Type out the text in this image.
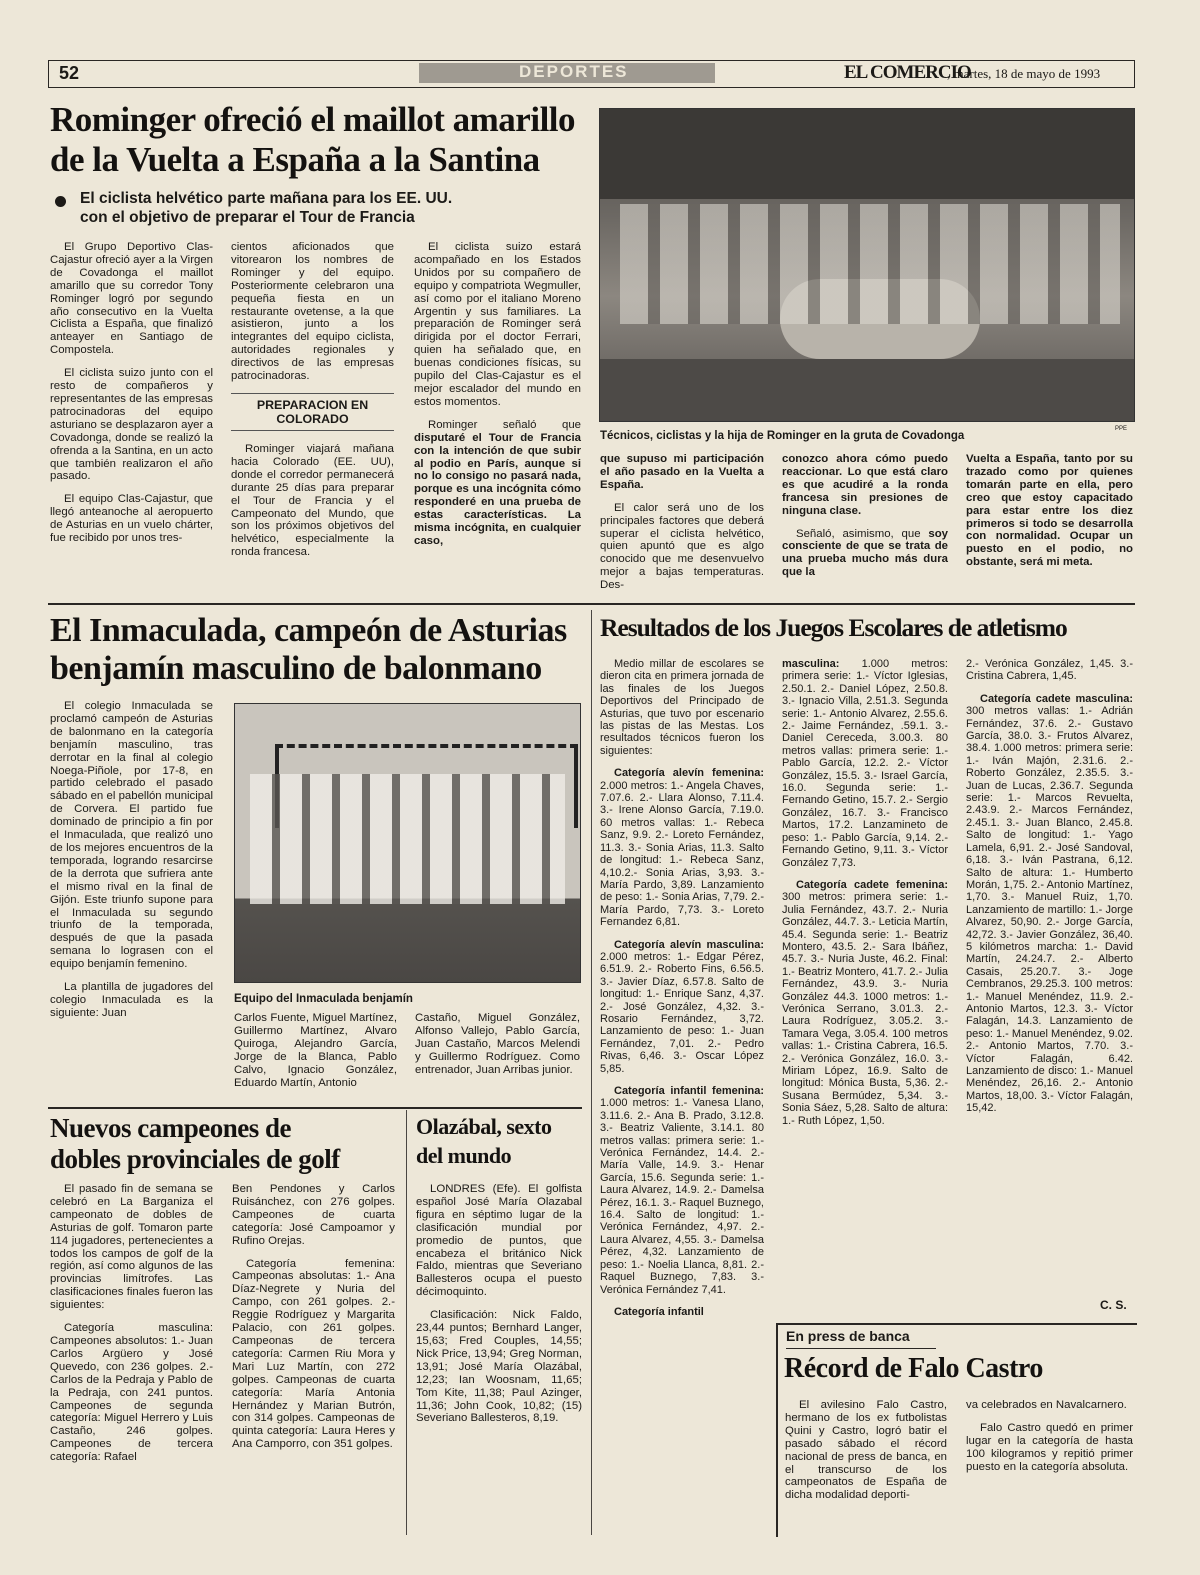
52	DEPORTES	EL COMERCIO
, martes, 18 de mayo de 1993
Rominger ofreció el maillot amarillo
de la Vuelta a España a la Santina
El ciclista helvético parte mañana para los EE. UU.
con el objetivo de preparar el Tour de Francia

El Grupo Deportivo Clas-Cajastur ofreció ayer a la Virgen de Covadonga el maillot amarillo que su corredor Tony Rominger logró por segundo año consecutivo en la Vuelta Ciclista a España, que finalizó anteayer en Santiago de Compostela.

El ciclista suizo junto con el resto de compañeros y representantes de las empresas patrocinadoras del equipo asturiano se desplazaron ayer a Covadonga, donde se realizó la ofrenda a la Santina, en un acto que también realizaron el año pasado.

El equipo Clas-Cajastur, que llegó anteanoche al aeropuerto de Asturias en un vuelo chárter, fue recibido por unos tres-

cientos aficionados que vitorearon los nombres de Rominger y del equipo. Posteriormente celebraron una pequeña fiesta en un restaurante ovetense, a la que asistieron, junto a los integrantes del equipo ciclista, autoridades regionales y directivos de las empresas patrocinadoras.

PREPARACION EN COLORADO

Rominger viajará mañana hacia Colorado (EE. UU), donde el corredor permanecerá durante 25 días para preparar el Tour de Francia y el Campeonato del Mundo, que son los próximos objetivos del helvético, especialmente la ronda francesa.

El ciclista suizo estará acompañado en los Estados Unidos por su compañero de equipo y compatriota Wegmuller, así como por el italiano Moreno Argentin y sus familiares. La preparación de Rominger será dirigida por el doctor Ferrari, quien ha señalado que, en buenas condiciones físicas, su pupilo del Clas-Cajastur es el mejor escalador del mundo en estos momentos.

Rominger señaló que disputaré el Tour de Francia con la intención de que subir al podio en París, aunque si no lo consigo no pasará nada, porque es una incógnita cómo responderé en una prueba de estas características. La misma incógnita, en cualquier caso,

Técnicos, ciclistas y la hija de Rominger en la gruta de Covadonga
PPE

que supuso mi participación el año pasado en la Vuelta a España.

El calor será uno de los principales factores que deberá superar el ciclista helvético, quien apuntó que es algo conocido que me desenvuelvo mejor a bajas temperaturas. Des-

conozco ahora cómo puedo reaccionar. Lo que está claro es que acudiré a la ronda francesa sin presiones de ninguna clase.

Señaló, asimismo, que soy consciente de que se trata de una prueba mucho más dura que la

Vuelta a España, tanto por su trazado como por quienes tomarán parte en ella, pero creo que estoy capacitado para estar entre los diez primeros si todo se desarrolla con normalidad. Ocupar un puesto en el podio, no obstante, será mi meta.

El Inmaculada, campeón de Asturias
benjamín masculino de balonmano

El colegio Inmaculada se proclamó campeón de Asturias de balonmano en la categoría benjamín masculino, tras derrotar en la final al colegio Noega-Piñole, por 17-8, en partido celebrado el pasado sábado en el pabellón municipal de Corvera. El partido fue dominado de principio a fin por el Inmaculada, que realizó uno de los mejores encuentros de la temporada, logrando resarcirse de la derrota que sufriera ante el mismo rival en la final de Gijón. Este triunfo supone para el Inmaculada su segundo triunfo de la temporada, después de que la pasada semana lo lograsen con el equipo benjamín femenino.

La plantilla de jugadores del colegio Inmaculada es la siguiente: Juan

Equipo del Inmaculada benjamín

Carlos Fuente, Miguel Martínez, Guillermo Martínez, Alvaro Quiroga, Alejandro García, Jorge de la Blanca, Pablo Calvo, Ignacio González, Eduardo Martín, Antonio

Castaño, Miguel González, Alfonso Vallejo, Pablo García, Juan Castaño, Marcos Melendi y Guillermo Rodríguez. Como entrenador, Juan Arribas junior.

Nuevos campeones de
dobles provinciales de golf

El pasado fin de semana se celebró en La Barganiza el campeonato de dobles de Asturias de golf. Tomaron parte 114 jugadores, pertenecientes a todos los campos de golf de la región, así como algunos de las provincias limítrofes. Las clasificaciones finales fueron las siguientes:

Categoría masculina: Campeones absolutos: 1.- Juan Carlos Argüero y José Quevedo, con 236 golpes. 2.- Carlos de la Pedraja y Pablo de la Pedraja, con 241 puntos. Campeones de segunda categoría: Miguel Herrero y Luis Castaño, 246 golpes. Campeones de tercera categoría: Rafael

Ben Pendones y Carlos Ruisánchez, con 276 golpes. Campeones de cuarta categoría: José Campoamor y Rufino Orejas.

Categoría femenina: Campeonas absolutas: 1.- Ana Díaz-Negrete y Nuria del Campo, con 261 golpes. 2.- Reggie Rodríguez y Margarita Palacio, con 261 golpes. Campeonas de tercera categoría: Carmen Riu Mora y Mari Luz Martín, con 272 golpes. Campeonas de cuarta categoría: María Antonia Hernández y Marian Butrón, con 314 golpes. Campeonas de quinta categoría: Laura Heres y Ana Camporro, con 351 golpes.

Olazábal, sexto
del mundo

LONDRES (Efe). El golfista español José María Olazabal figura en séptimo lugar de la clasificación mundial por promedio de puntos, que encabeza el británico Nick Faldo, mientras que Severiano Ballesteros ocupa el puesto décimoquinto.

Clasificación: Nick Faldo, 23,44 puntos; Bernhard Langer, 15,63; Fred Couples, 14,55; Nick Price, 13,94; Greg Norman, 13,91; José María Olazábal, 12,23; Ian Woosnam, 11,65; Tom Kite, 11,38; Paul Azinger, 11,36; John Cook, 10,82; (15) Severiano Ballesteros, 8,19.

Resultados de los Juegos Escolares de atletismo

Medio millar de escolares se dieron cita en primera jornada de las finales de los Juegos Deportivos del Principado de Asturias, que tuvo por escenario las pistas de las Mestas. Los resultados técnicos fueron los siguientes:

Categoría alevín femenina: 2.000 metros: 1.- Angela Chaves, 7.07.6. 2.- Llara Alonso, 7.11.4. 3.- Irene Alonso García, 7.19.0. 60 metros vallas: 1.- Rebeca Sanz, 9.9. 2.- Loreto Fernández, 11.3. 3.- Sonia Arias, 11.3. Salto de longitud: 1.- Rebeca Sanz, 4,10.2.- Sonia Arias, 3,93. 3.- María Pardo, 3,89. Lanzamiento de peso: 1.- Sonia Arias, 7,79. 2.- María Pardo, 7,73. 3.- Loreto Fernandez 6,81.

Categoría alevín masculina: 2.000 metros: 1.- Edgar Pérez, 6.51.9. 2.- Roberto Fins, 6.56.5. 3.- Javier Díaz, 6.57.8. Salto de longitud: 1.- Enrique Sanz, 4,37. 2.- José González, 4,32. 3.- Rosario Fernández, 3,72. Lanzamiento de peso: 1.- Juan Fernández, 7,01. 2.- Pedro Rivas, 6,46. 3.- Oscar López 5,85.

Categoría infantil femenina: 1.000 metros: 1.- Vanesa Llano, 3.11.6. 2.- Ana B. Prado, 3.12.8. 3.- Beatriz Valiente, 3.14.1. 80 metros vallas: primera serie: 1.- Verónica Fernández, 14.4. 2.- María Valle, 14.9. 3.- Henar García, 15.6. Segunda serie: 1.- Laura Alvarez, 14.9. 2.- Damelsa Pérez, 16.1. 3.- Raquel Buznego, 16.4. Salto de longitud: 1.-Verónica Fernández, 4,97. 2.- Laura Alvarez, 4,55. 3.- Damelsa Pérez, 4,32. Lanzamiento de peso: 1.- Noelia Llanca, 8,81. 2.- Raquel Buznego, 7,83. 3.- Verónica Fernández 7,41.

Categoría infantil

masculina: 1.000 metros: primera serie: 1.- Víctor Iglesias, 2.50.1. 2.- Daniel López, 2.50.8. 3.- Ignacio Villa, 2.51.3. Segunda serie: 1.- Antonio Alvarez, 2.55.6. 2.- Jaime Fernández, .59.1. 3.- Daniel Cereceda, 3.00.3. 80 metros vallas: primera serie: 1.- Pablo García, 12.2. 2.- Víctor González, 15.5. 3.- Israel García, 16.0. Segunda serie: 1.- Fernando Getino, 15.7. 2.- Sergio González, 16.7. 3.- Francisco Martos, 17.2. Lanzamineto de peso: 1.- Pablo García, 9,14. 2.- Fernando Getino, 9,11. 3.- Víctor González 7,73.

Categoría cadete femenina: 300 metros: primera serie: 1.- Julia Fernández, 43.7. 2.- Nuria González, 44.7. 3.- Leticia Martín, 45.4. Segunda serie: 1.- Beatriz Montero, 43.5. 2.- Sara Ibáñez, 45.7. 3.- Nuria Juste, 46.2. Final: 1.- Beatriz Montero, 41.7. 2.- Julia Fernández, 43.9. 3.- Nuria González 44.3. 1000 metros: 1.- Verónica Serrano, 3.01.3. 2.- Laura Rodríguez, 3.05.2. 3.- Tamara Vega, 3.05.4. 100 metros vallas: 1.- Cristina Cabrera, 16.5. 2.- Verónica González, 16.0. 3.- Miriam López, 16.9. Salto de longitud: Mónica Busta, 5,36. 2.- Susana Bermúdez, 5,34. 3.- Sonia Sáez, 5,28. Salto de altura: 1.- Ruth López, 1,50.

2.- Verónica González, 1,45. 3.- Cristina Cabrera, 1,45.

Categoría cadete masculina: 300 metros vallas: 1.- Adrián Fernández, 37.6. 2.- Gustavo García, 38.0. 3.- Frutos Alvarez, 38.4. 1.000 metros: primera serie: 1.- Iván Majón, 2.31.6. 2.- Roberto González, 2.35.5. 3.- Juan de Lucas, 2.36.7. Segunda serie: 1.- Marcos Revuelta, 2.43.9. 2.- Marcos Fernández, 2.45.1. 3.- Juan Blanco, 2.45.8. Salto de longitud: 1.- Yago Lamela, 6,91. 2.- José Sandoval, 6,18. 3.- Iván Pastrana, 6,12. Salto de altura: 1.- Humberto Morán, 1,75. 2.- Antonio Martínez, 1,70. 3.- Manuel Ruiz, 1,70. Lanzamiento de martillo: 1.- Jorge Alvarez, 50,90. 2.- Jorge García, 42,72. 3.- Javier González, 36,40. 5 kilómetros marcha: 1.- David Martín, 24.24.7. 2.- Alberto Casais, 25.20.7. 3.- Joge Cembranos, 29.25.3. 100 metros: 1.- Manuel Menéndez, 11.9. 2.- Antonio Martos, 12.3. 3.- Víctor Falagán, 14.3. Lanzamiento de peso: 1.- Manuel Menéndez, 9.02. 2.- Antonio Martos, 7.70. 3.- Víctor Falagán, 6.42. Lanzamiento de disco: 1.- Manuel Menéndez, 26,16. 2.- Antonio Martos, 18,00. 3.- Víctor Falagán, 15,42.

C. S.
En press de banca
Récord de Falo Castro

El avilesino Falo Castro, hermano de los ex futbolistas Quini y Castro, logró batir el pasado sábado el récord nacional de press de banca, en el transcurso de los campeonatos de España de dicha modalidad deporti-

va celebrados en Navalcarnero.

Falo Castro quedó en primer lugar en la categoría de hasta 100 kilogramos y repitió primer puesto en la categoría absoluta.
